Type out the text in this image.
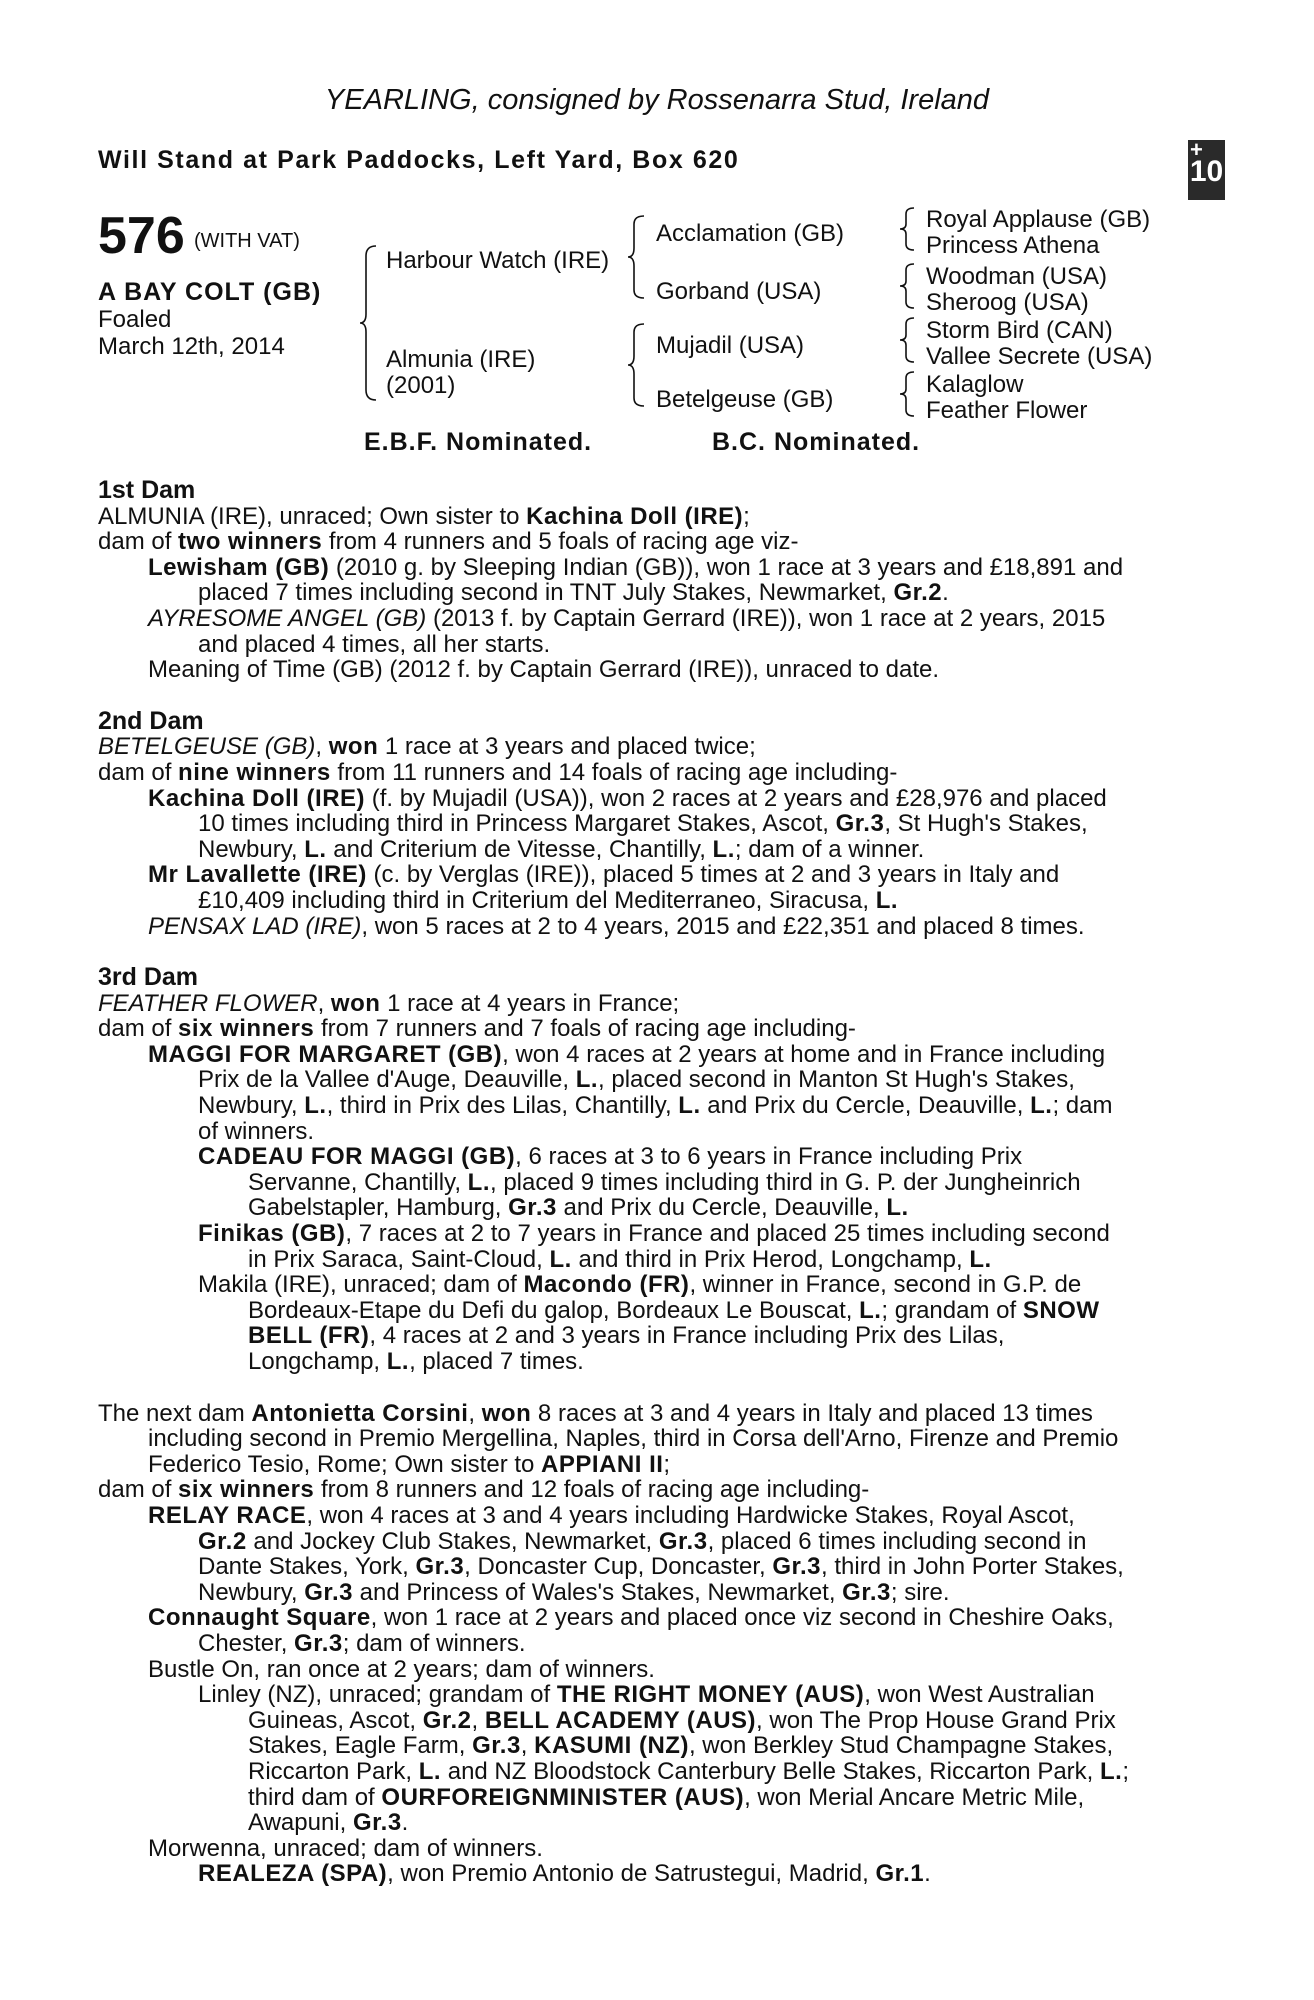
YEARLING, consigned by Rossenarra Stud, Ireland
Will Stand at Park Paddocks, Left Yard, Box 620	+
10
576 (WITH VAT)
A BAY COLT (GB)
Foaled
March 12th, 2014
Harbour Watch (IRE)
Almunia (IRE)
(2001)
Acclamation (GB)
Gorband (USA)
Mujadil (USA)
Betelgeuse (GB)
Royal Applause (GB)
Princess Athena
Woodman (USA)
Sheroog (USA)
Storm Bird (CAN)
Vallee Secrete (USA)
Kalaglow
Feather Flower
E.B.F. Nominated.	B.C. Nominated.
1st Dam
ALMUNIA (IRE), unraced; Own sister to Kachina Doll (IRE);
dam of two winners from 4 runners and 5 foals of racing age viz-
Lewisham (GB) (2010 g. by Sleeping Indian (GB)), won 1 race at 3 years and £18,891 and
placed 7 times including second in TNT July Stakes, Newmarket, Gr.2.
AYRESOME ANGEL (GB) (2013 f. by Captain Gerrard (IRE)), won 1 race at 2 years, 2015
and placed 4 times, all her starts.
Meaning of Time (GB) (2012 f. by Captain Gerrard (IRE)), unraced to date.
2nd Dam
BETELGEUSE (GB), won 1 race at 3 years and placed twice;
dam of nine winners from 11 runners and 14 foals of racing age including-
Kachina Doll (IRE) (f. by Mujadil (USA)), won 2 races at 2 years and £28,976 and placed
10 times including third in Princess Margaret Stakes, Ascot, Gr.3, St Hugh's Stakes,
Newbury, L. and Criterium de Vitesse, Chantilly, L.; dam of a winner.
Mr Lavallette (IRE) (c. by Verglas (IRE)), placed 5 times at 2 and 3 years in Italy and
£10,409 including third in Criterium del Mediterraneo, Siracusa, L.
PENSAX LAD (IRE), won 5 races at 2 to 4 years, 2015 and £22,351 and placed 8 times.
3rd Dam
FEATHER FLOWER, won 1 race at 4 years in France;
dam of six winners from 7 runners and 7 foals of racing age including-
MAGGI FOR MARGARET (GB), won 4 races at 2 years at home and in France including
Prix de la Vallee d'Auge, Deauville, L., placed second in Manton St Hugh's Stakes,
Newbury, L., third in Prix des Lilas, Chantilly, L. and Prix du Cercle, Deauville, L.; dam
of winners.
CADEAU FOR MAGGI (GB), 6 races at 3 to 6 years in France including Prix
Servanne, Chantilly, L., placed 9 times including third in G. P. der Jungheinrich
Gabelstapler, Hamburg, Gr.3 and Prix du Cercle, Deauville, L.
Finikas (GB), 7 races at 2 to 7 years in France and placed 25 times including second
in Prix Saraca, Saint-Cloud, L. and third in Prix Herod, Longchamp, L.
Makila (IRE), unraced; dam of Macondo (FR), winner in France, second in G.P. de
Bordeaux-Etape du Defi du galop, Bordeaux Le Bouscat, L.; grandam of SNOW
BELL (FR), 4 races at 2 and 3 years in France including Prix des Lilas,
Longchamp, L., placed 7 times.
The next dam Antonietta Corsini, won 8 races at 3 and 4 years in Italy and placed 13 times
including second in Premio Mergellina, Naples, third in Corsa dell'Arno, Firenze and Premio
Federico Tesio, Rome; Own sister to APPIANI II;
dam of six winners from 8 runners and 12 foals of racing age including-
RELAY RACE, won 4 races at 3 and 4 years including Hardwicke Stakes, Royal Ascot,
Gr.2 and Jockey Club Stakes, Newmarket, Gr.3, placed 6 times including second in
Dante Stakes, York, Gr.3, Doncaster Cup, Doncaster, Gr.3, third in John Porter Stakes,
Newbury, Gr.3 and Princess of Wales's Stakes, Newmarket, Gr.3; sire.
Connaught Square, won 1 race at 2 years and placed once viz second in Cheshire Oaks,
Chester, Gr.3; dam of winners.
Bustle On, ran once at 2 years; dam of winners.
Linley (NZ), unraced; grandam of THE RIGHT MONEY (AUS), won West Australian
Guineas, Ascot, Gr.2, BELL ACADEMY (AUS), won The Prop House Grand Prix
Stakes, Eagle Farm, Gr.3, KASUMI (NZ), won Berkley Stud Champagne Stakes,
Riccarton Park, L. and NZ Bloodstock Canterbury Belle Stakes, Riccarton Park, L.;
third dam of OURFOREIGNMINISTER (AUS), won Merial Ancare Metric Mile,
Awapuni, Gr.3.
Morwenna, unraced; dam of winners.
REALEZA (SPA), won Premio Antonio de Satrustegui, Madrid, Gr.1.
